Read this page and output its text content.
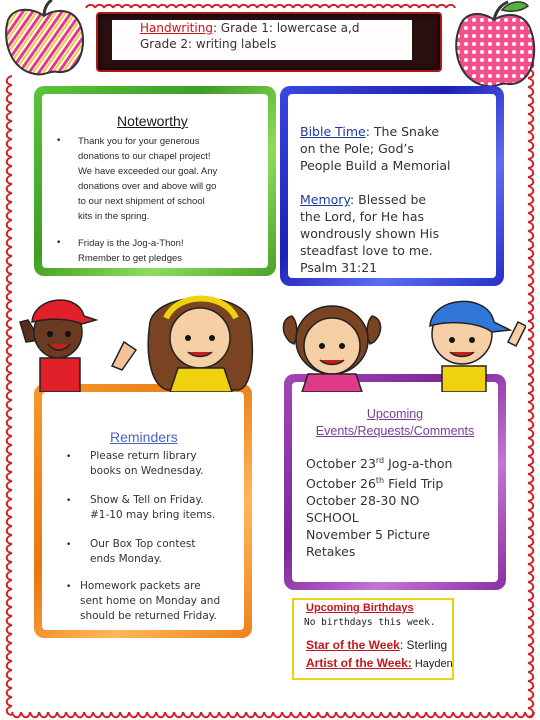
Handwriting: Grade 1: lowercase a,d
Grade 2: writing labels
Noteworthy
• Thank you for your generous
donations to our chapel project!
We have exceeded our goal. Any
donations over and above will go
to our next shipment of school
kits in the spring.
• Friday is the Jog-a-Thon!
Rmember to get pledges
Bible Time: The Snake
on the Pole; God’s
People Build a Memorial
Memory: Blessed be
the Lord, for He has
wondrously shown His
steadfast love to me.
Psalm 31:21
Reminders
• Please return library
books on Wednesday.
• Show & Tell on Friday.
#1-10 may bring items.
• Our Box Top contest
ends Monday.
• Homework packets are
sent home on Monday and
should be returned Friday.
Upcoming
Events/Requests/Comments
October 23rd Jog-a-thon
October 26th Field Trip
October 28-30 NO
SCHOOL
November 5 Picture
Retakes
Upcoming Birthdays
No birthdays this week.
Star of the Week: Sterling
Artist of the Week: Hayden
